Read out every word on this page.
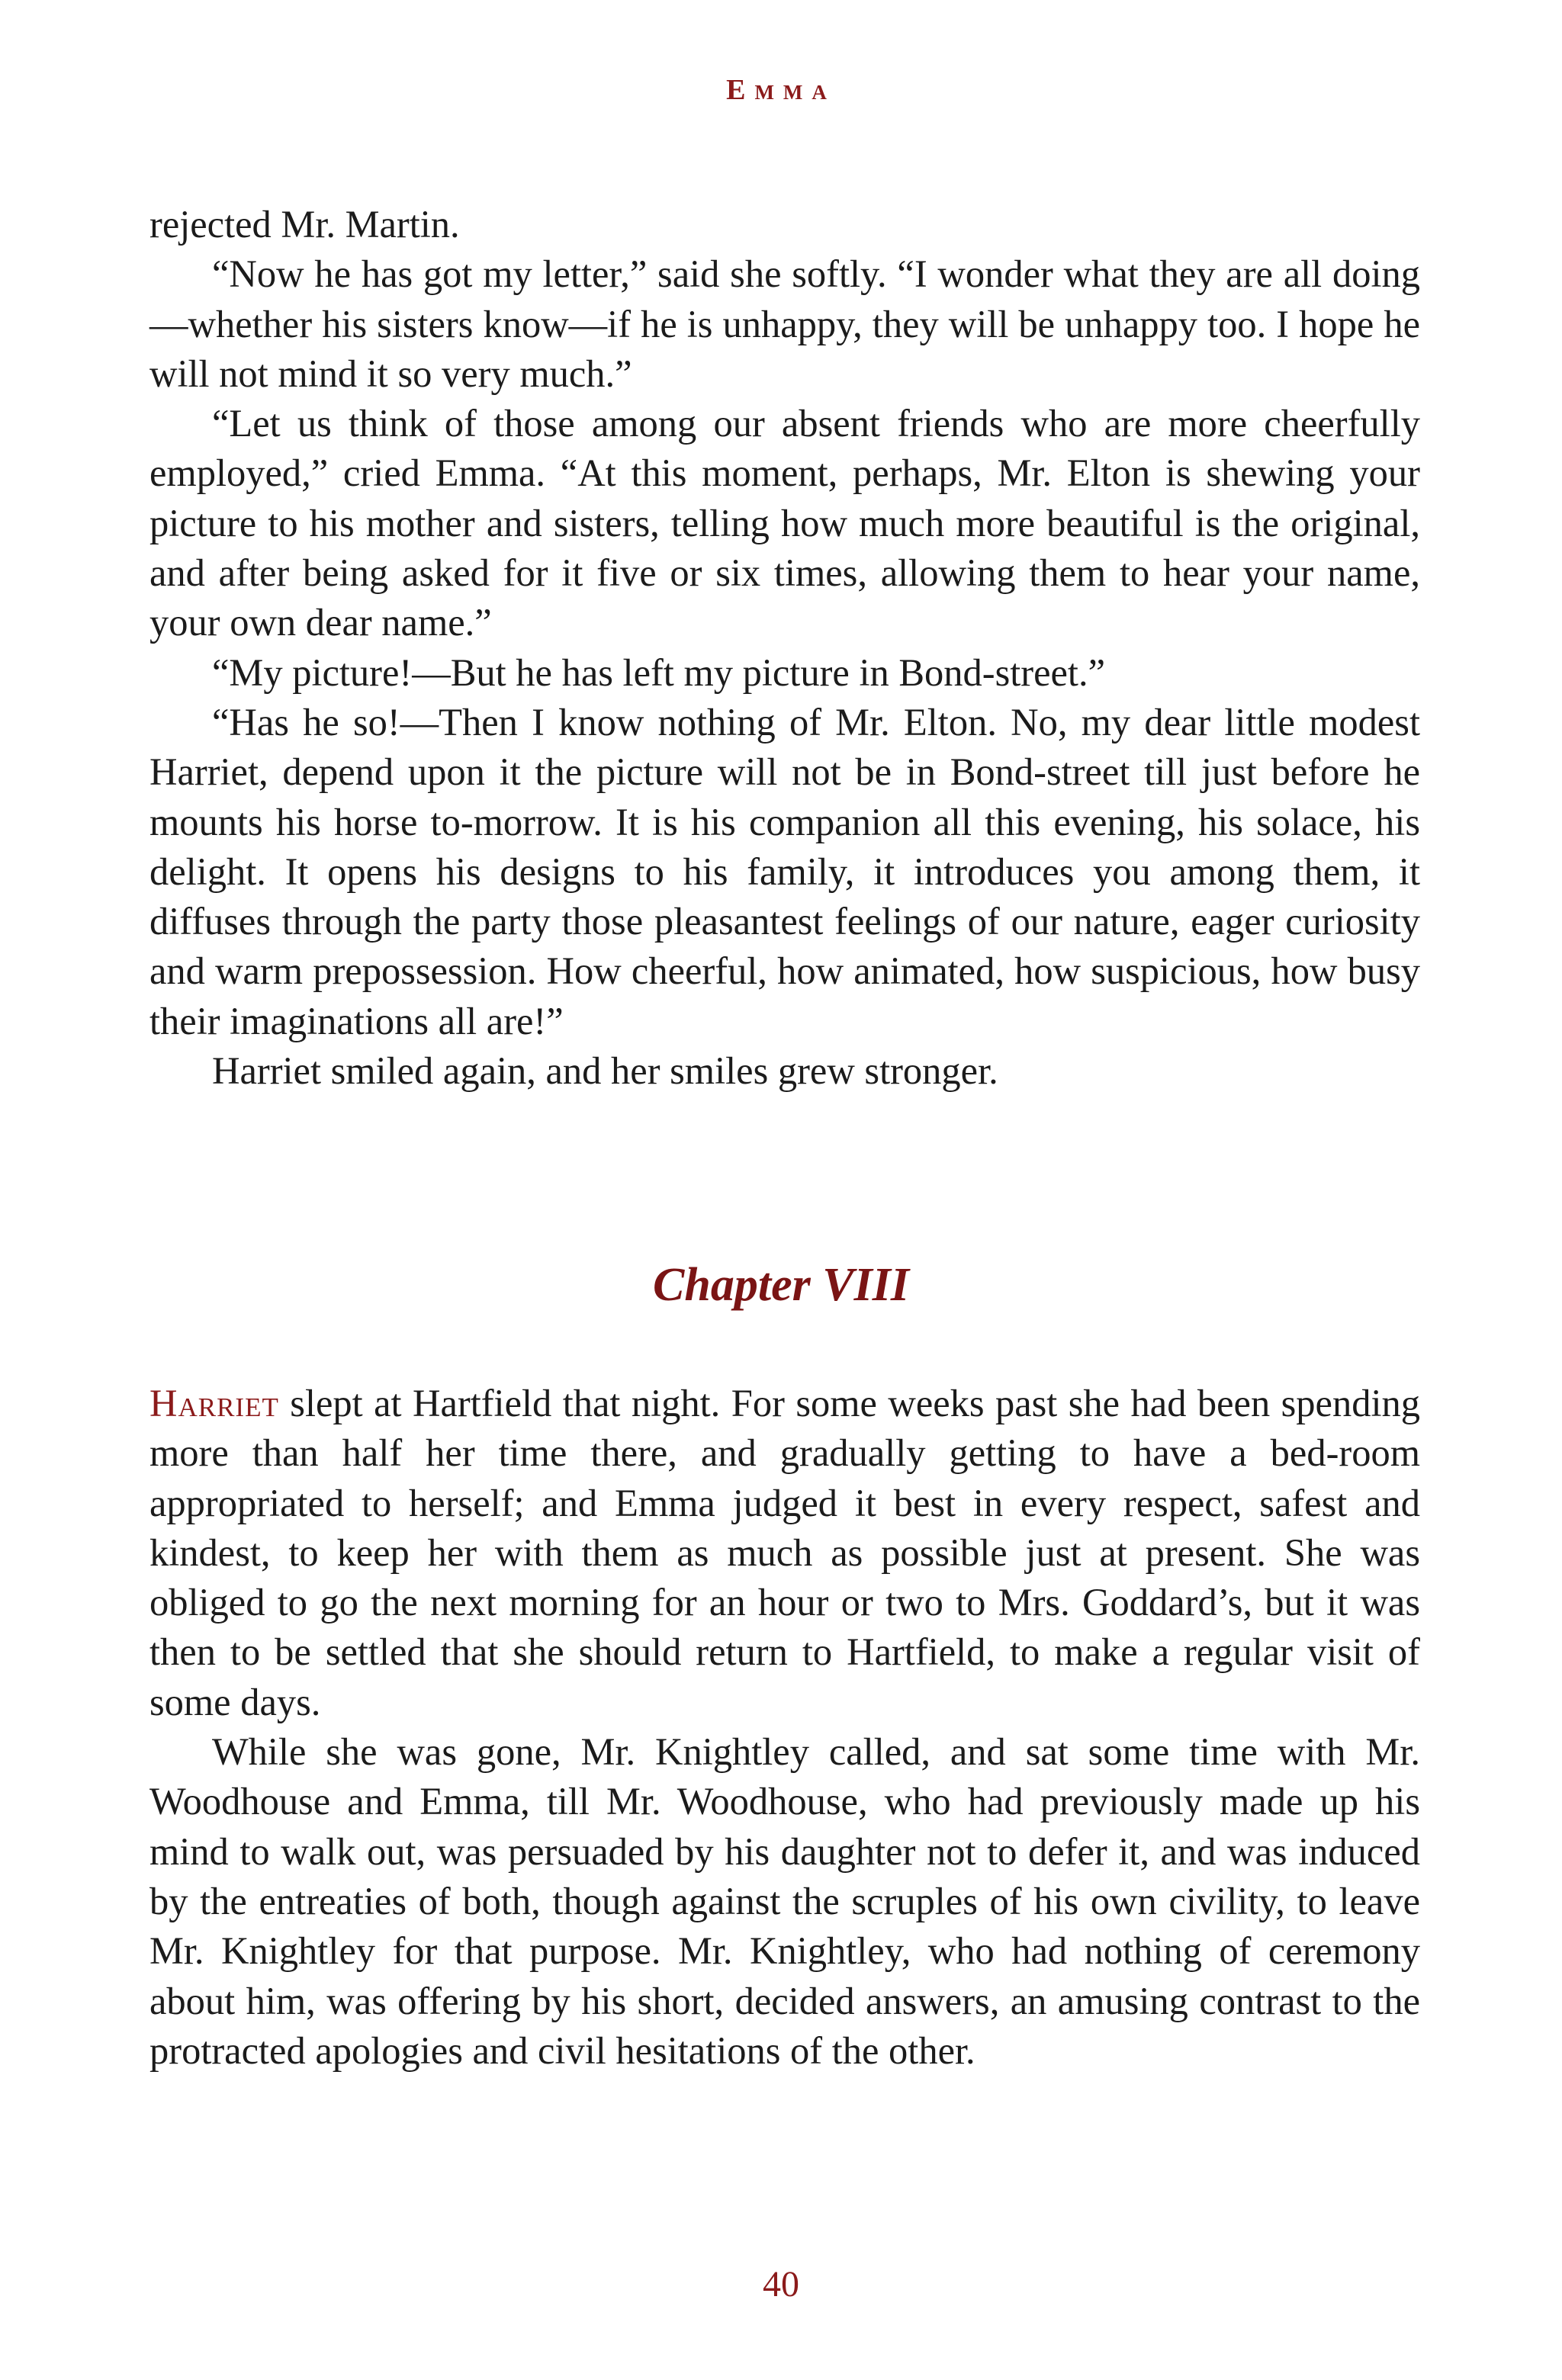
Emma

rejected Mr. Martin.

“Now he has got my letter,” said she softly. “I wonder what they are all doing—whether his sisters know—if he is unhappy, they will be unhappy too. I hope he will not mind it so very much.”

“Let us think of those among our absent friends who are more cheerfully employed,” cried Emma. “At this moment, perhaps, Mr. Elton is shewing your picture to his mother and sisters, telling how much more beautiful is the original, and after being asked for it five or six times, allowing them to hear your name, your own dear name.”

“My picture!—But he has left my picture in Bond-street.”

“Has he so!—Then I know nothing of Mr. Elton. No, my dear little modest Harriet, depend upon it the picture will not be in Bond-street till just before he mounts his horse to-morrow. It is his companion all this evening, his solace, his delight. It opens his designs to his family, it introduces you among them, it diffuses through the party those pleasantest feelings of our nature, eager curiosity and warm prepossession. How cheerful, how animated, how suspicious, how busy their imaginations all are!”

Harriet smiled again, and her smiles grew stronger.

Chapter VIII

Harriet slept at Hartfield that night. For some weeks past she had been spending more than half her time there, and gradually getting to have a bed-room appropriated to herself; and Emma judged it best in every respect, safest and kindest, to keep her with them as much as possible just at present. She was obliged to go the next morning for an hour or two to Mrs. Goddard’s, but it was then to be settled that she should return to Hartfield, to make a regular visit of some days.

While she was gone, Mr. Knightley called, and sat some time with Mr. Woodhouse and Emma, till Mr. Woodhouse, who had previously made up his mind to walk out, was persuaded by his daughter not to defer it, and was induced by the entreaties of both, though against the scruples of his own civility, to leave Mr. Knightley for that purpose. Mr. Knightley, who had nothing of ceremony about him, was offering by his short, decided answers, an amusing contrast to the protracted apologies and civil hesitations of the other.

40
